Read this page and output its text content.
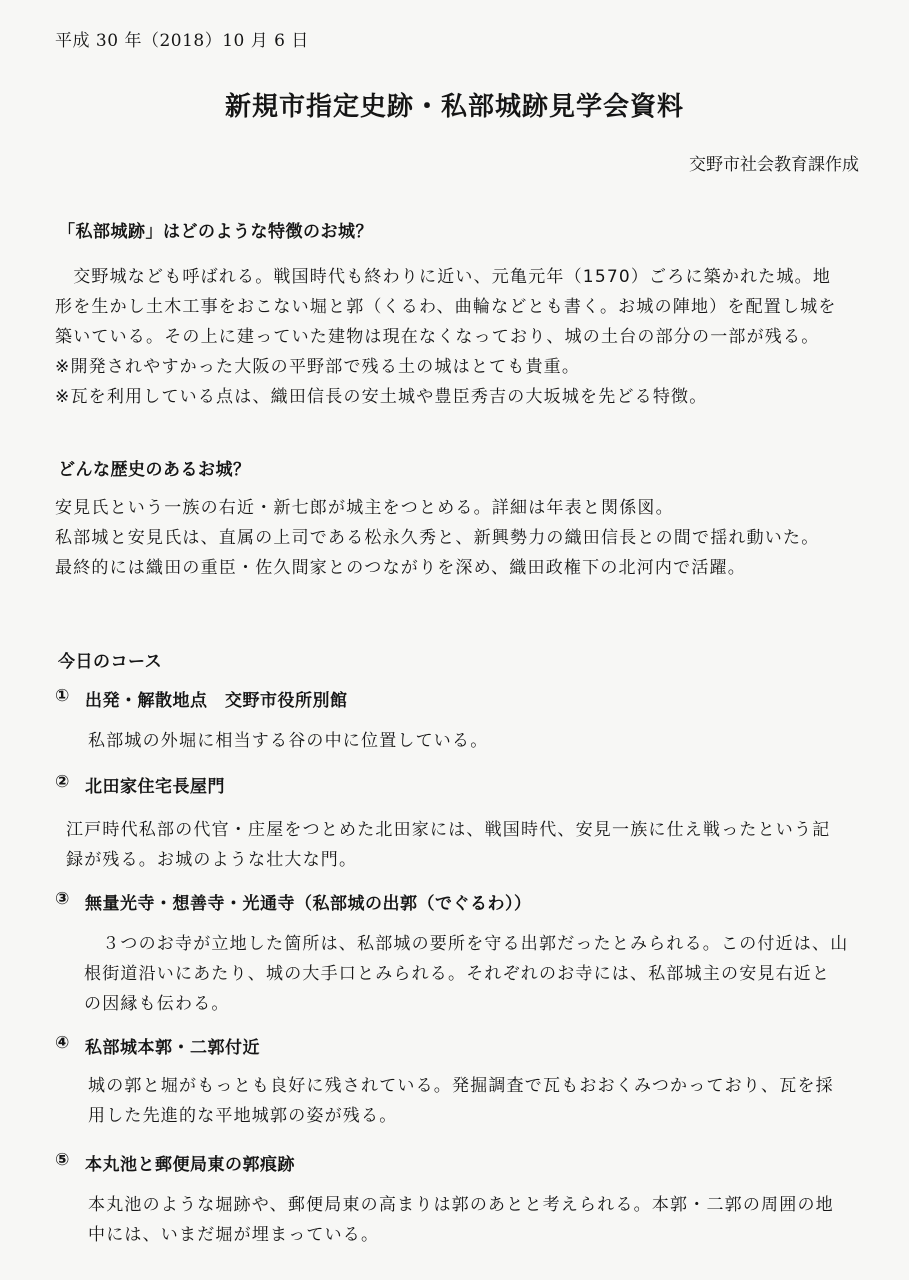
平成 30 年（2018）10 月 6 日
新規市指定史跡・私部城跡見学会資料
交野市社会教育課作成
「私部城跡」はどのような特徴のお城？

　交野城なども呼ばれる。戦国時代も終わりに近い、元亀元年（1570）ごろに築かれた城。地

形を生かし土木工事をおこない堀と郭（くるわ、曲輪などとも書く。お城の陣地）を配置し城を

築いている。その上に建っていた建物は現在なくなっており、城の土台の部分の一部が残る。

※開発されやすかった大阪の平野部で残る土の城はとても貴重。

※瓦を利用している点は、織田信長の安土城や豊臣秀吉の大坂城を先どる特徴。

どんな歴史のあるお城？

安見氏という一族の右近・新七郎が城主をつとめる。詳細は年表と関係図。

私部城と安見氏は、直属の上司である松永久秀と、新興勢力の織田信長との間で揺れ動いた。

最終的には織田の重臣・佐久間家とのつながりを深め、織田政権下の北河内で活躍。

今日のコース
① 出発・解散地点　交野市役所別館

私部城の外堀に相当する谷の中に位置している。

② 北田家住宅長屋門

江戸時代私部の代官・庄屋をつとめた北田家には、戦国時代、安見一族に仕え戦ったという記

録が残る。お城のような壮大な門。

③ 無量光寺・想善寺・光通寺（私部城の出郭（でぐるわ））

　３つのお寺が立地した箇所は、私部城の要所を守る出郭だったとみられる。この付近は、山

根街道沿いにあたり、城の大手口とみられる。それぞれのお寺には、私部城主の安見右近と

の因縁も伝わる。

④ 私部城本郭・二郭付近

城の郭と堀がもっとも良好に残されている。発掘調査で瓦もおおくみつかっており、瓦を採

用した先進的な平地城郭の姿が残る。

⑤ 本丸池と郵便局東の郭痕跡

本丸池のような堀跡や、郵便局東の高まりは郭のあとと考えられる。本郭・二郭の周囲の地

中には、いまだ堀が埋まっている。
